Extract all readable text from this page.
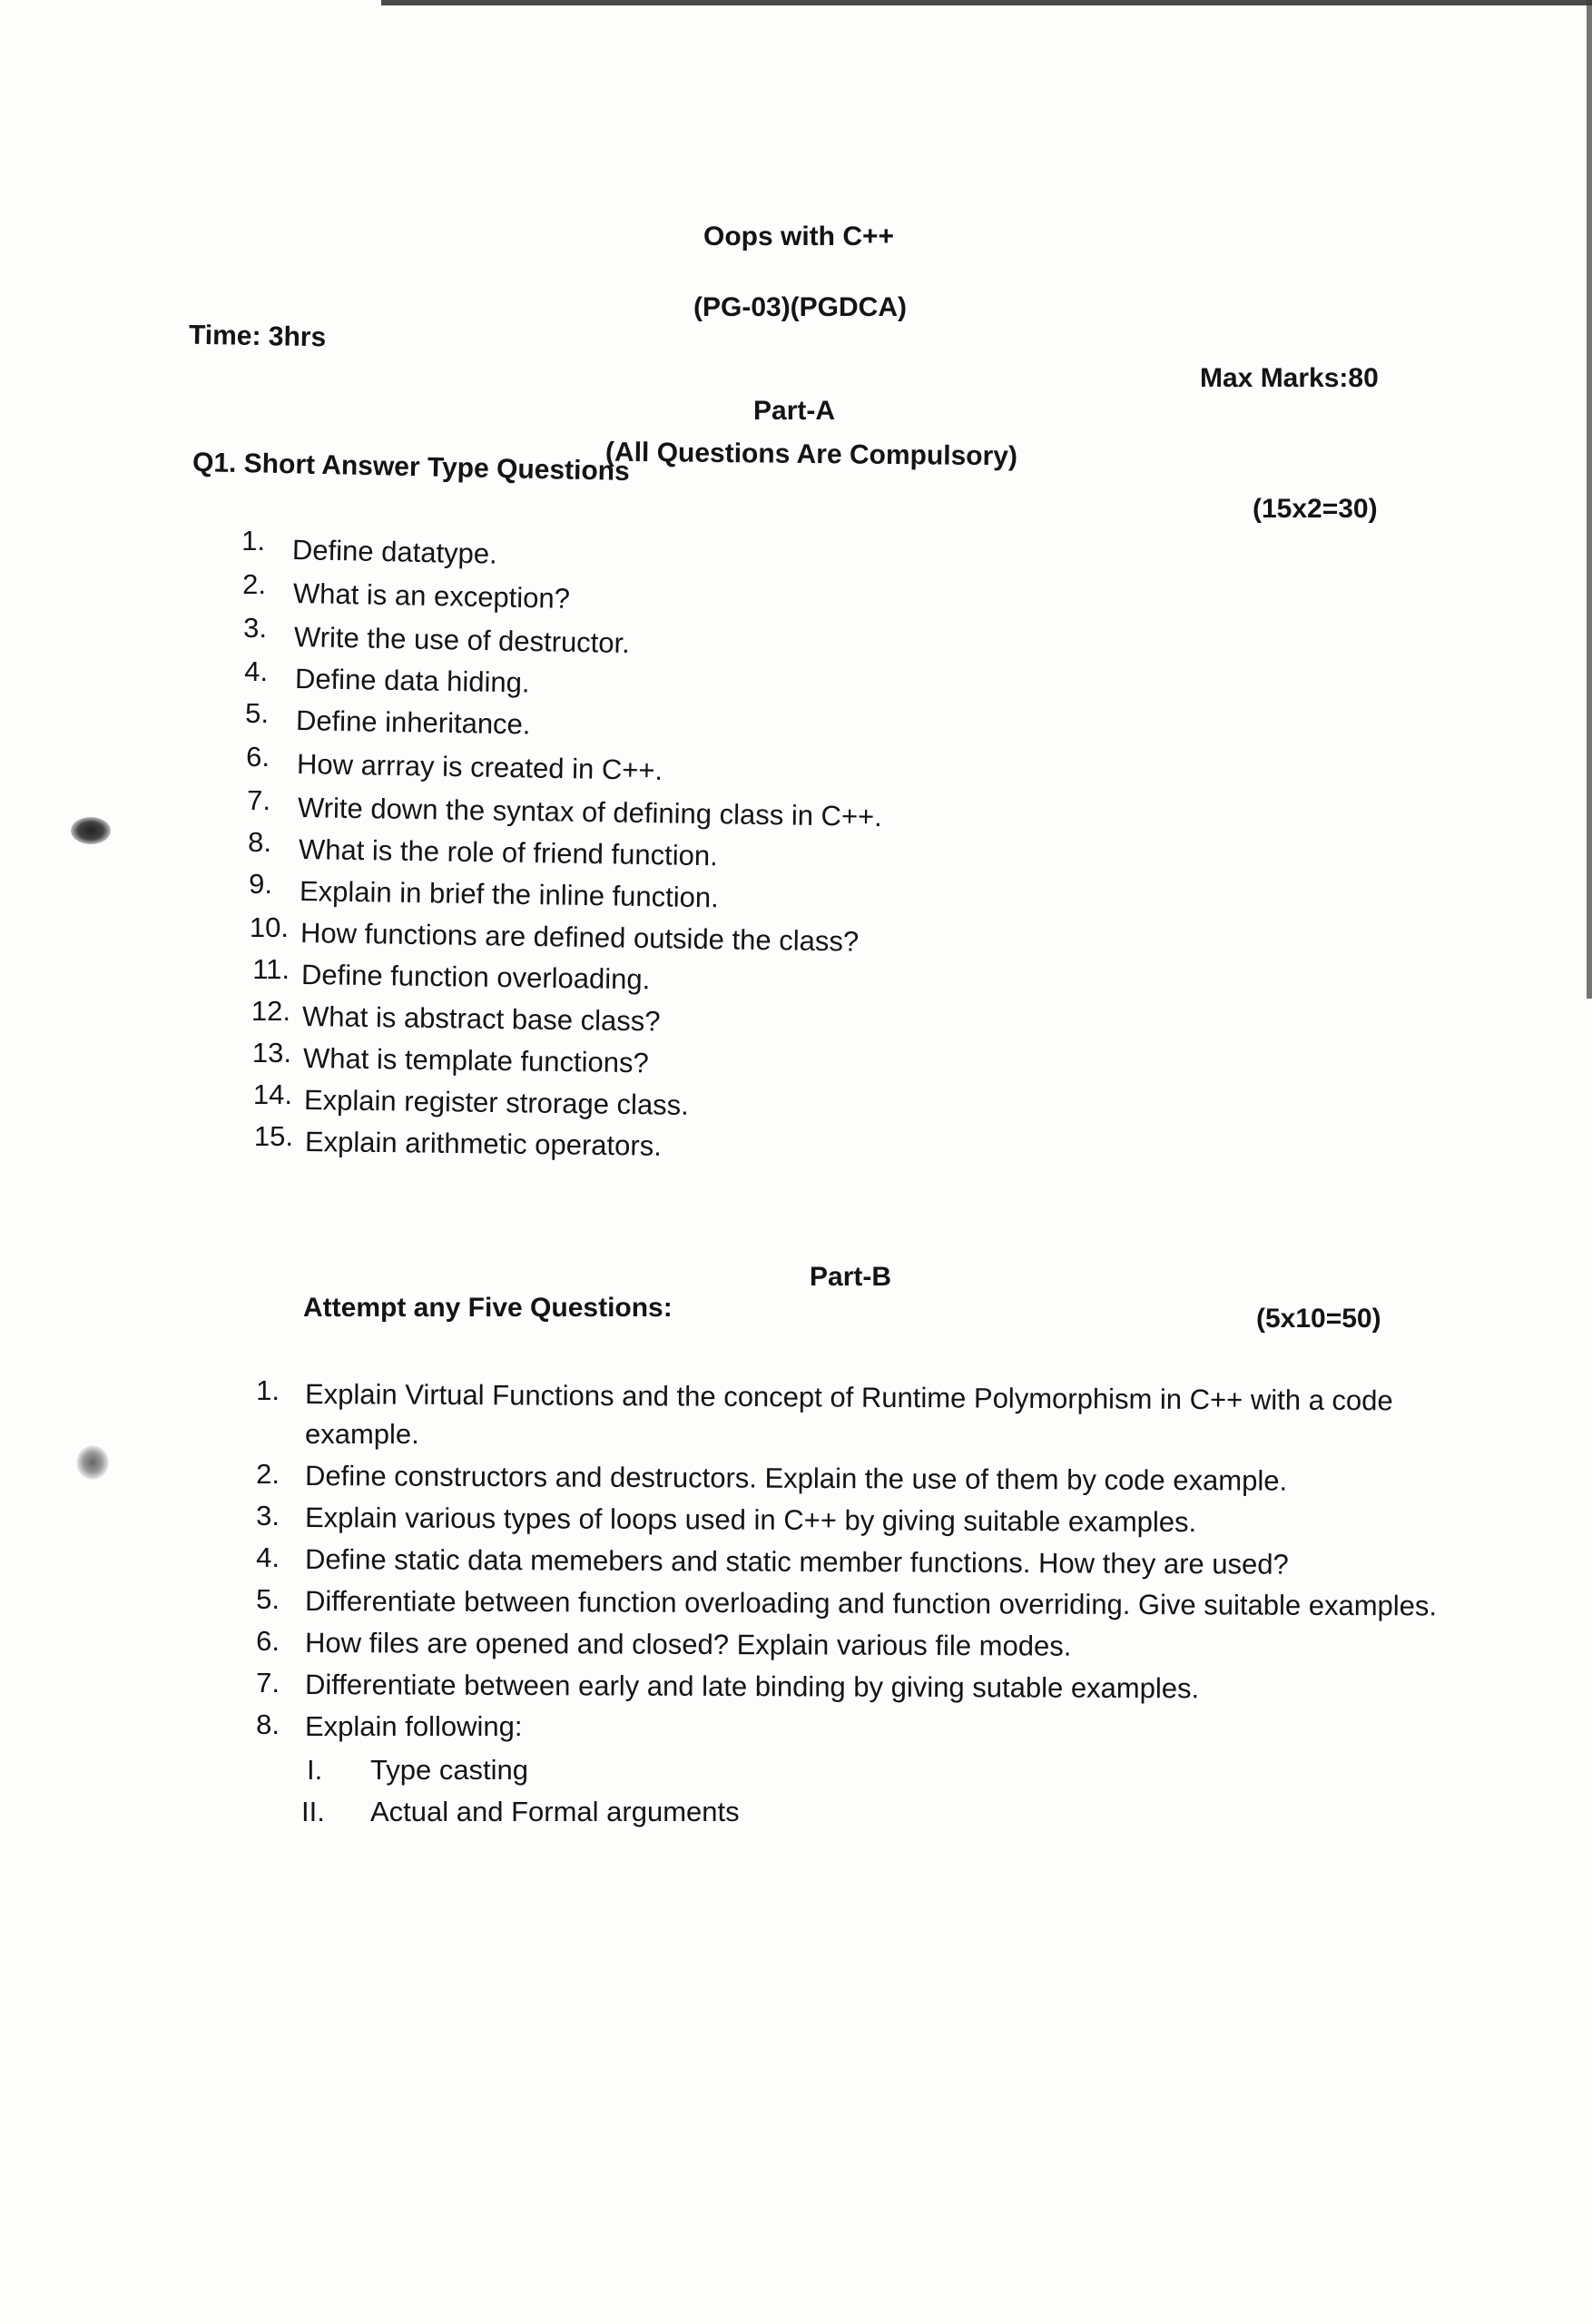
Oops with C++
(PG-03)(PGDCA)
Time: 3hrs
Max Marks:80
Part-A
(All Questions Are Compulsory)
Q1. Short Answer Type Questions
(15x2=30)
1. Define datatype.
2. What is an exception?
3. Write the use of destructor.
4. Define data hiding.
5. Define inheritance.
6. How arrray is created in C++.
7. Write down the syntax of defining class in C++.
8. What is the role of friend function.
9. Explain in brief the inline function.
10. How functions are defined outside the class?
11. Define function overloading.
12. What is abstract base class?
13. What is template functions?
14. Explain register strorage class.
15. Explain arithmetic operators.
Part-B
Attempt any Five Questions:	(5x10=50)
1. Explain Virtual Functions and the concept of Runtime Polymorphism in C++ with a code
example.
2. Define constructors and destructors. Explain the use of them by code example.
3. Explain various types of loops used in C++ by giving suitable examples.
4. Define static data memebers and static member functions. How they are used?
5. Differentiate between function overloading and function overriding. Give suitable examples.
6. How files are opened and closed? Explain various file modes.
7. Differentiate between early and late binding by giving sutable examples.
8. Explain following:
I. Type casting
II. Actual and Formal arguments
